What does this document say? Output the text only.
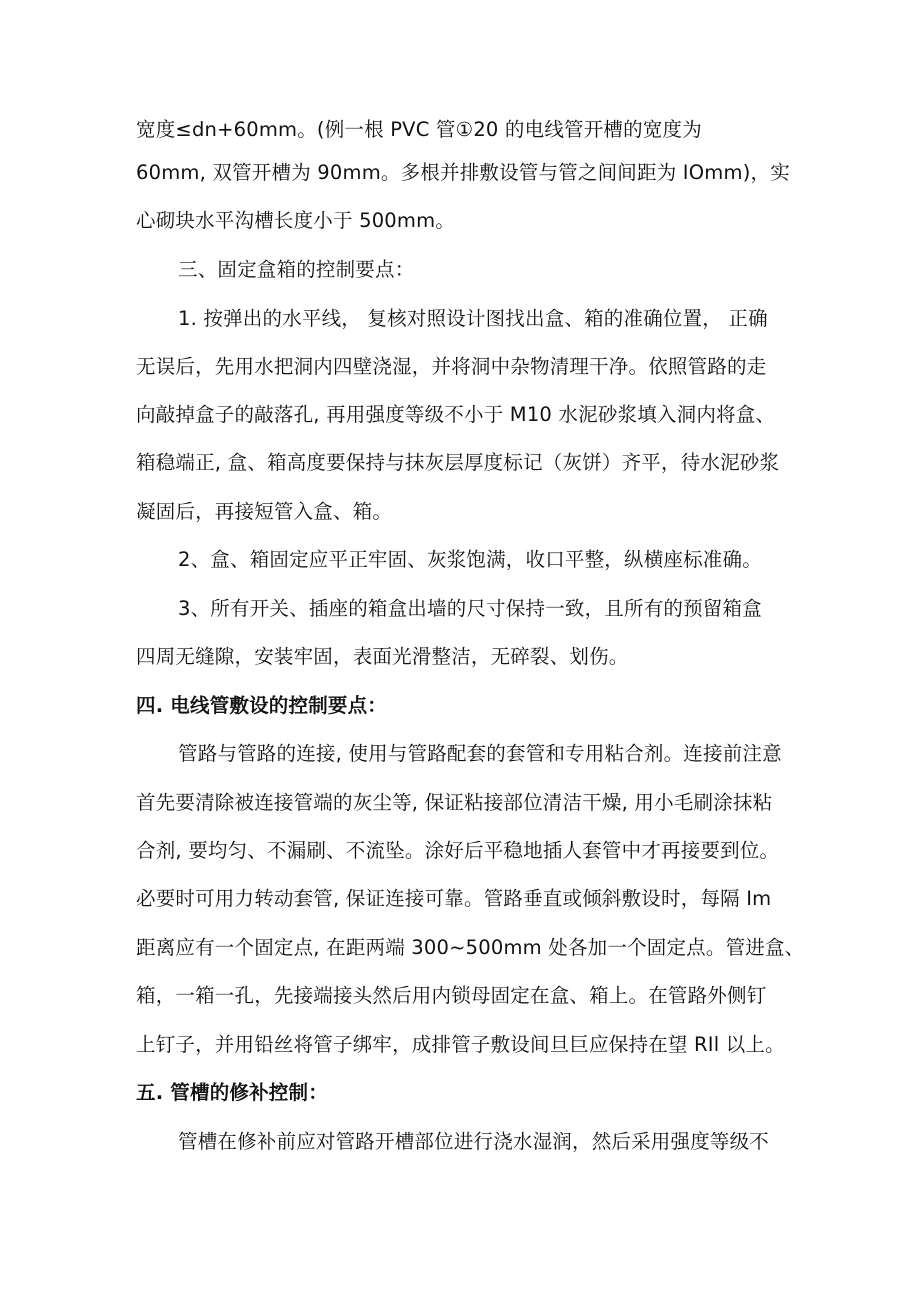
宽度≤dn+60mm。(例一根 PVC 管①20 的电线管开槽的宽度为
60mm, 双管开槽为 90mm。多根并排敷设管与管之间间距为 IOmm)，实
心砌块水平沟槽长度小于 500mm。
三、固定盒箱的控制要点：
1. 按弹出的水平线， 复核对照设计图找出盒、箱的准确位置， 正确
无误后，先用水把洞内四壁浇湿，并将洞中杂物清理干净。依照管路的走
向敲掉盒子的敲落孔, 再用强度等级不小于 M10 水泥砂浆填入洞内将盒、
箱稳端正, 盒、箱高度要保持与抹灰层厚度标记（灰饼）齐平，待水泥砂浆
凝固后，再接短管入盒、箱。
2、盒、箱固定应平正牢固、灰浆饱满，收口平整，纵横座标准确。
3、所有开关、插座的箱盒出墙的尺寸保持一致，且所有的预留箱盒
四周无缝隙，安装牢固，表面光滑整洁，无碎裂、划伤。
四. 电线管敷设的控制要点：
管路与管路的连接, 使用与管路配套的套管和专用粘合剂。连接前注意
首先要清除被连接管端的灰尘等, 保证粘接部位清洁干燥, 用小毛刷涂抹粘
合剂, 要均匀、不漏刷、不流坠。涂好后平稳地插人套管中才再接要到位。
必要时可用力转动套管, 保证连接可靠。管路垂直或倾斜敷设时，每隔 Im
距离应有一个固定点, 在距两端 300~500mm 处各加一个固定点。管进盒、
箱，一箱一孔，先接端接头然后用内锁母固定在盒、箱上。在管路外侧钉
上钉子，并用铅丝将管子绑牢，成排管子敷设间旦巨应保持在望 RIl 以上。
五. 管槽的修补控制：
管槽在修补前应对管路开槽部位进行浇水湿润，然后采用强度等级不
